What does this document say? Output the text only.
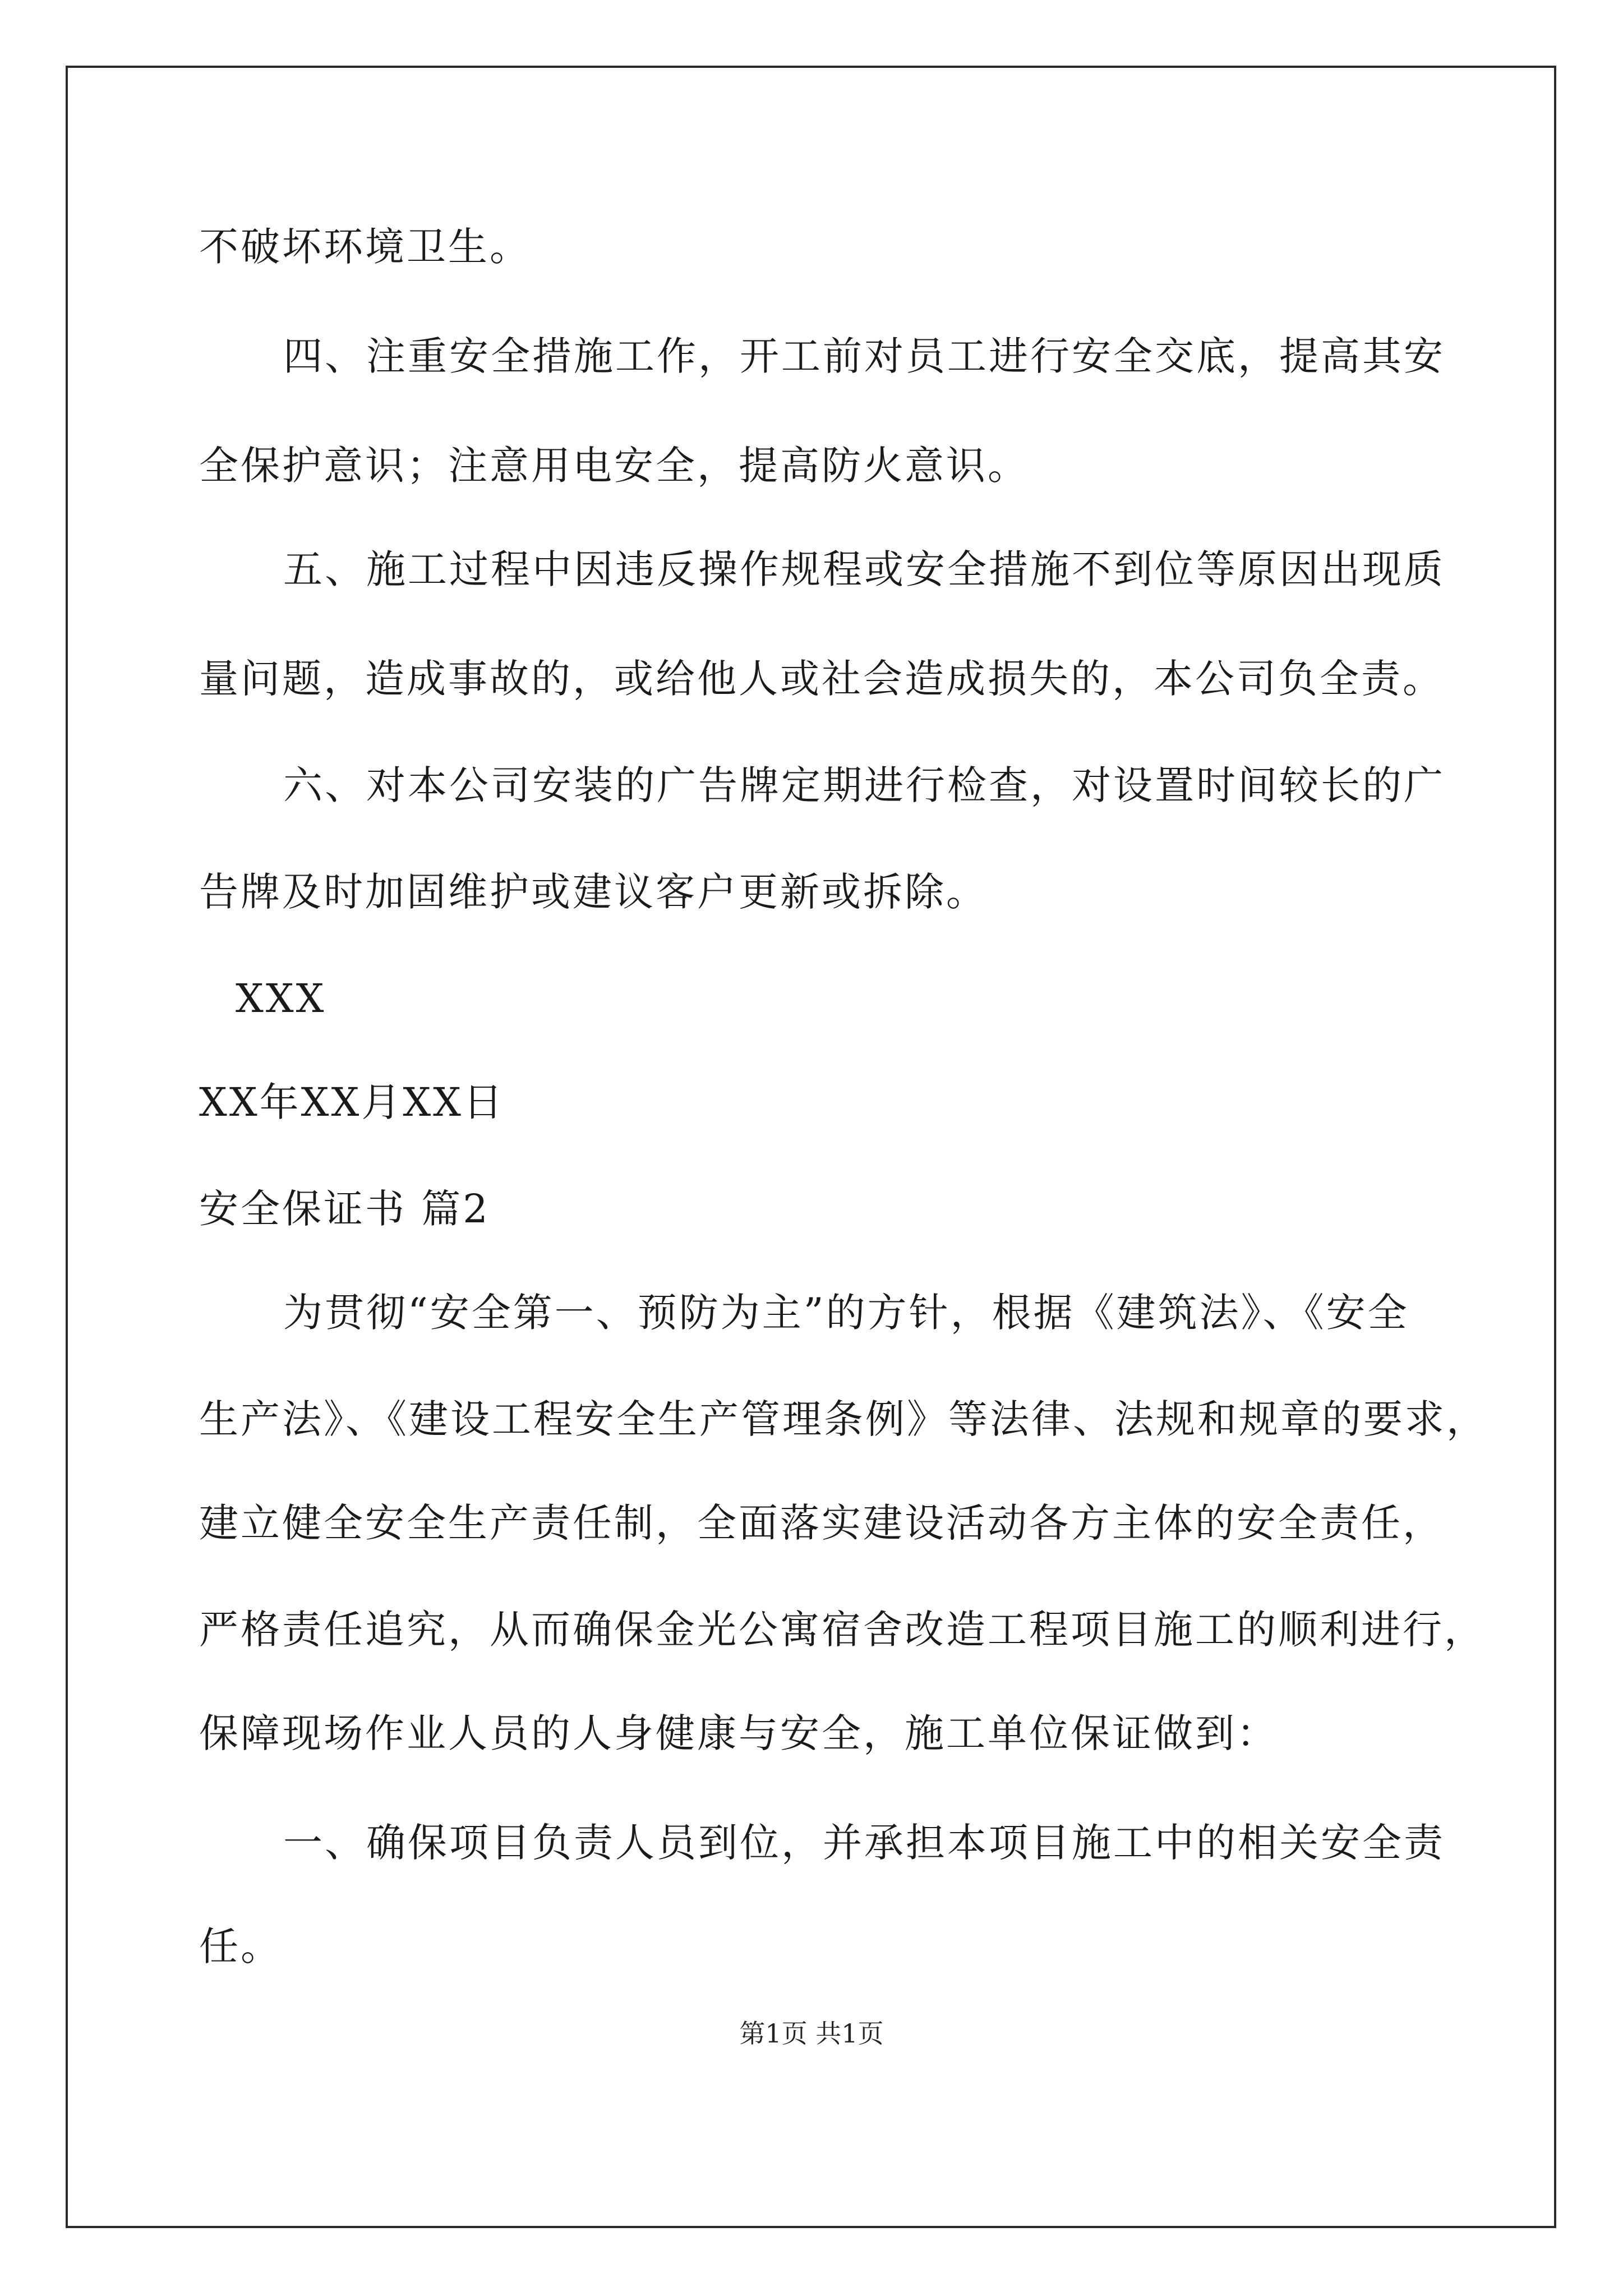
不破坏环境卫生。
四、注重安全措施工作，开工前对员工进行安全交底，提高其安
全保护意识；注意用电安全，提高防火意识。
五、施工过程中因违反操作规程或安全措施不到位等原因出现质
量问题，造成事故的，或给他人或社会造成损失的，本公司负全责。
六、对本公司安装的广告牌定期进行检查，对设置时间较长的广
告牌及时加固维护或建议客户更新或拆除。
XXX
XX年XX月XX日
安全保证书 篇2
为贯彻“安全第一、预防为主”的方针，根据《建筑法》、《安全
生产法》、《建设工程安全生产管理条例》等法律、法规和规章的要求，
建立健全安全生产责任制，全面落实建设活动各方主体的安全责任，
严格责任追究，从而确保金光公寓宿舍改造工程项目施工的顺利进行，
保障现场作业人员的人身健康与安全，施工单位保证做到：
一、确保项目负责人员到位，并承担本项目施工中的相关安全责
任。
第1页 共1页
